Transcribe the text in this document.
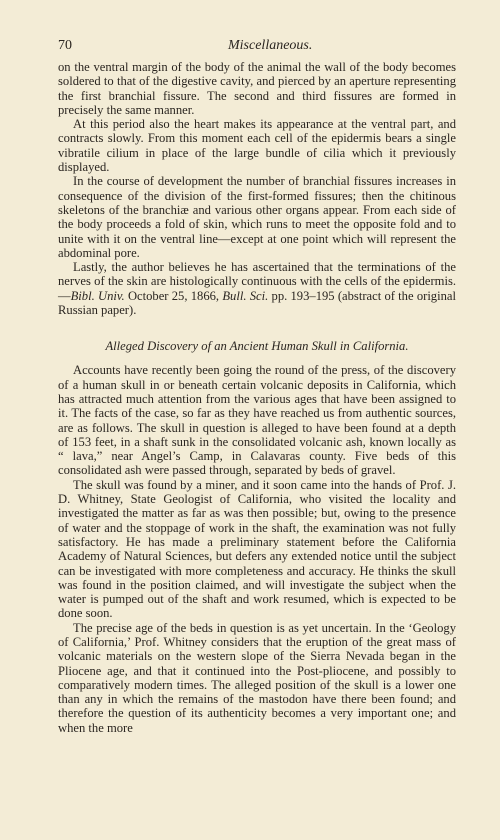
70	Miscellaneous.

on the ventral margin of the body of the animal the wall of the body becomes soldered to that of the digestive cavity, and pierced by an aperture representing the first branchial fissure. The second and third fissures are formed in precisely the same manner.

At this period also the heart makes its appearance at the ventral part, and contracts slowly. From this moment each cell of the epidermis bears a single vibratile cilium in place of the large bundle of cilia which it previously displayed.

In the course of development the number of branchial fissures increases in consequence of the division of the first-formed fissures; then the chitinous skeletons of the branchiæ and various other organs appear. From each side of the body proceeds a fold of skin, which runs to meet the opposite fold and to unite with it on the ventral line—except at one point which will represent the abdominal pore.

Lastly, the author believes he has ascertained that the terminations of the nerves of the skin are histologically continuous with the cells of the epidermis.—Bibl. Univ. October 25, 1866, Bull. Sci. pp. 193–195 (abstract of the original Russian paper).

Alleged Discovery of an Ancient Human Skull in California.

Accounts have recently been going the round of the press, of the discovery of a human skull in or beneath certain volcanic deposits in California, which has attracted much attention from the various ages that have been assigned to it. The facts of the case, so far as they have reached us from authentic sources, are as follows. The skull in question is alleged to have been found at a depth of 153 feet, in a shaft sunk in the consolidated volcanic ash, known locally as “ lava,” near Angel’s Camp, in Calavaras county. Five beds of this consolidated ash were passed through, separated by beds of gravel.

The skull was found by a miner, and it soon came into the hands of Prof. J. D. Whitney, State Geologist of California, who visited the locality and investigated the matter as far as was then possible; but, owing to the presence of water and the stoppage of work in the shaft, the examination was not fully satisfactory. He has made a preliminary statement before the California Academy of Natural Sciences, but defers any extended notice until the subject can be investigated with more completeness and accuracy. He thinks the skull was found in the position claimed, and will investigate the subject when the water is pumped out of the shaft and work resumed, which is expected to be done soon.

The precise age of the beds in question is as yet uncertain. In the ‘Geology of California,’ Prof. Whitney considers that the eruption of the great mass of volcanic materials on the western slope of the Sierra Nevada began in the Pliocene age, and that it continued into the Post-pliocene, and possibly to comparatively modern times. The alleged position of the skull is a lower one than any in which the remains of the mastodon have there been found; and therefore the question of its authenticity becomes a very important one; and when the more
